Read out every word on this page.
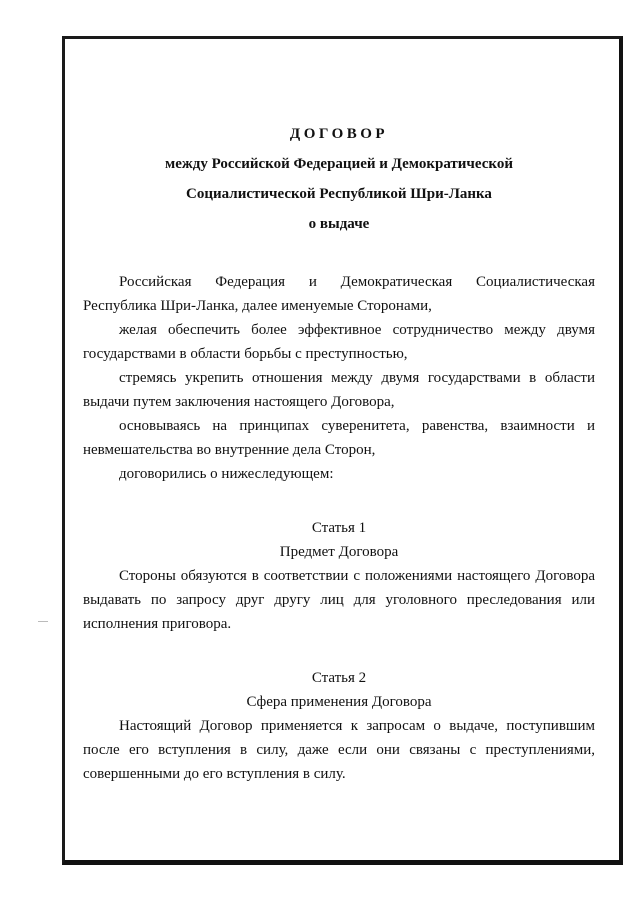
ДОГОВОР
между Российской Федерацией и Демократической
Социалистической Республикой Шри-Ланка
о выдаче

Российская Федерация и Демократическая Социалистическая

Республика Шри-Ланка, далее именуемые Сторонами,

желая обеспечить более эффективное сотрудничество между двумя государствами в области борьбы с преступностью,

стремясь укрепить отношения между двумя государствами в области выдачи путем заключения настоящего Договора,

основываясь на принципах суверенитета, равенства, взаимности и невмешательства во внутренние дела Сторон,

договорились о нижеследующем:

Статья 1

Предмет Договора

Стороны обязуются в соответствии с положениями настоящего Договора выдавать по запросу друг другу лиц для уголовного преследования или исполнения приговора.

Статья 2

Сфера применения Договора

Настоящий Договор применяется к запросам о выдаче, поступившим после его вступления в силу, даже если они связаны с преступлениями, совершенными до его вступления в силу.
